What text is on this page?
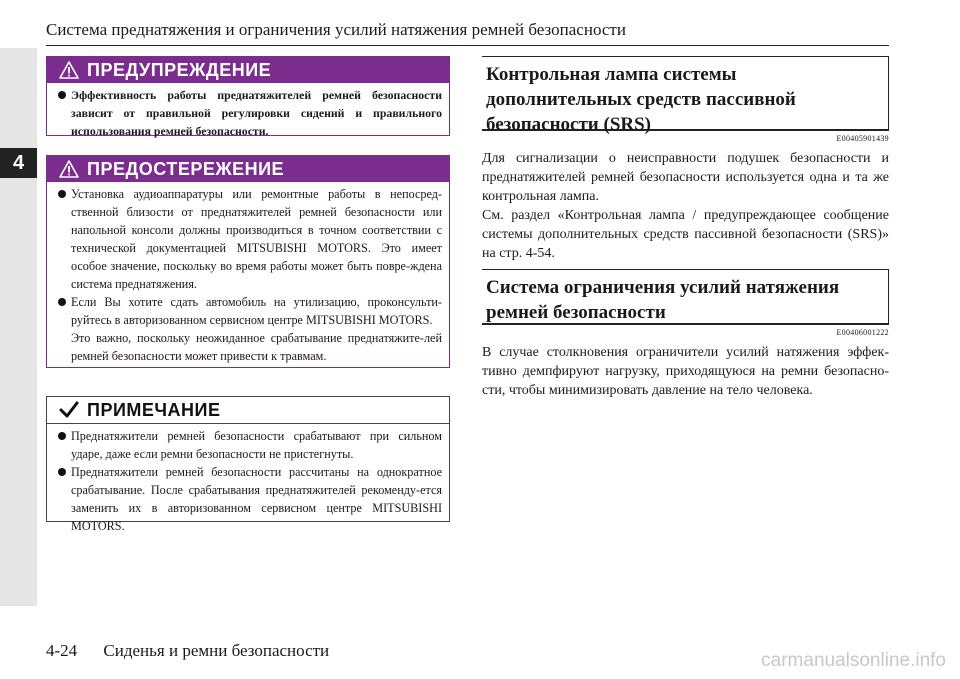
4
Система преднатяжения и ограничения усилий натяжения ремней безопасности
ПРЕДУПРЕЖДЕНИЕ
Эффективность работы преднатяжителей ремней безопасности зависит от правильной регулировки сидений и правильного использования ремней безопасности.
ПРЕДОСТЕРЕЖЕНИЕ
Установка аудиоаппаратуры или ремонтные работы в непосред-ственной близости от преднатяжителей ремней безопасности или напольной консоли должны производиться в точном соответствии с технической документацией MITSUBISHI MOTORS. Это имеет особое значение, поскольку во время работы может быть повре-ждена система преднатяжения.
Если Вы хотите сдать автомобиль на утилизацию, проконсульти-руйтесь в авторизованном сервисном центре MITSUBISHI MOTORS.
Это важно, поскольку неожиданное срабатывание преднатяжите-лей ремней безопасности может привести к травмам.
ПРИМЕЧАНИЕ
Преднатяжители ремней безопасности срабатывают при сильном ударе, даже если ремни безопасности не пристегнуты.
Преднатяжители ремней безопасности рассчитаны на однократное срабатывание. После срабатывания преднатяжителей рекоменду-ется заменить их в авторизованном сервисном центре MITSUBISHI MOTORS.
Контрольная лампа системы дополнительных средств пассивной безопасности (SRS)
E00405901439
Для сигнализации о неисправности подушек безопасности и преднатяжителей ремней безопасности используется одна и та же контрольная лампа.
См. раздел «Контрольная лампа / предупреждающее сообщение системы дополнительных средств пассивной безопасности (SRS)» на стр. 4-54.
Система ограничения усилий натяжения ремней безопасности
E00406001222
В случае столкновения ограничители усилий натяжения эффек-тивно демпфируют нагрузку, приходящуюся на ремни безопасно-сти, чтобы минимизировать давление на тело человека.
4-24 Сиденья и ремни безопасности	carmanualsonline.info
